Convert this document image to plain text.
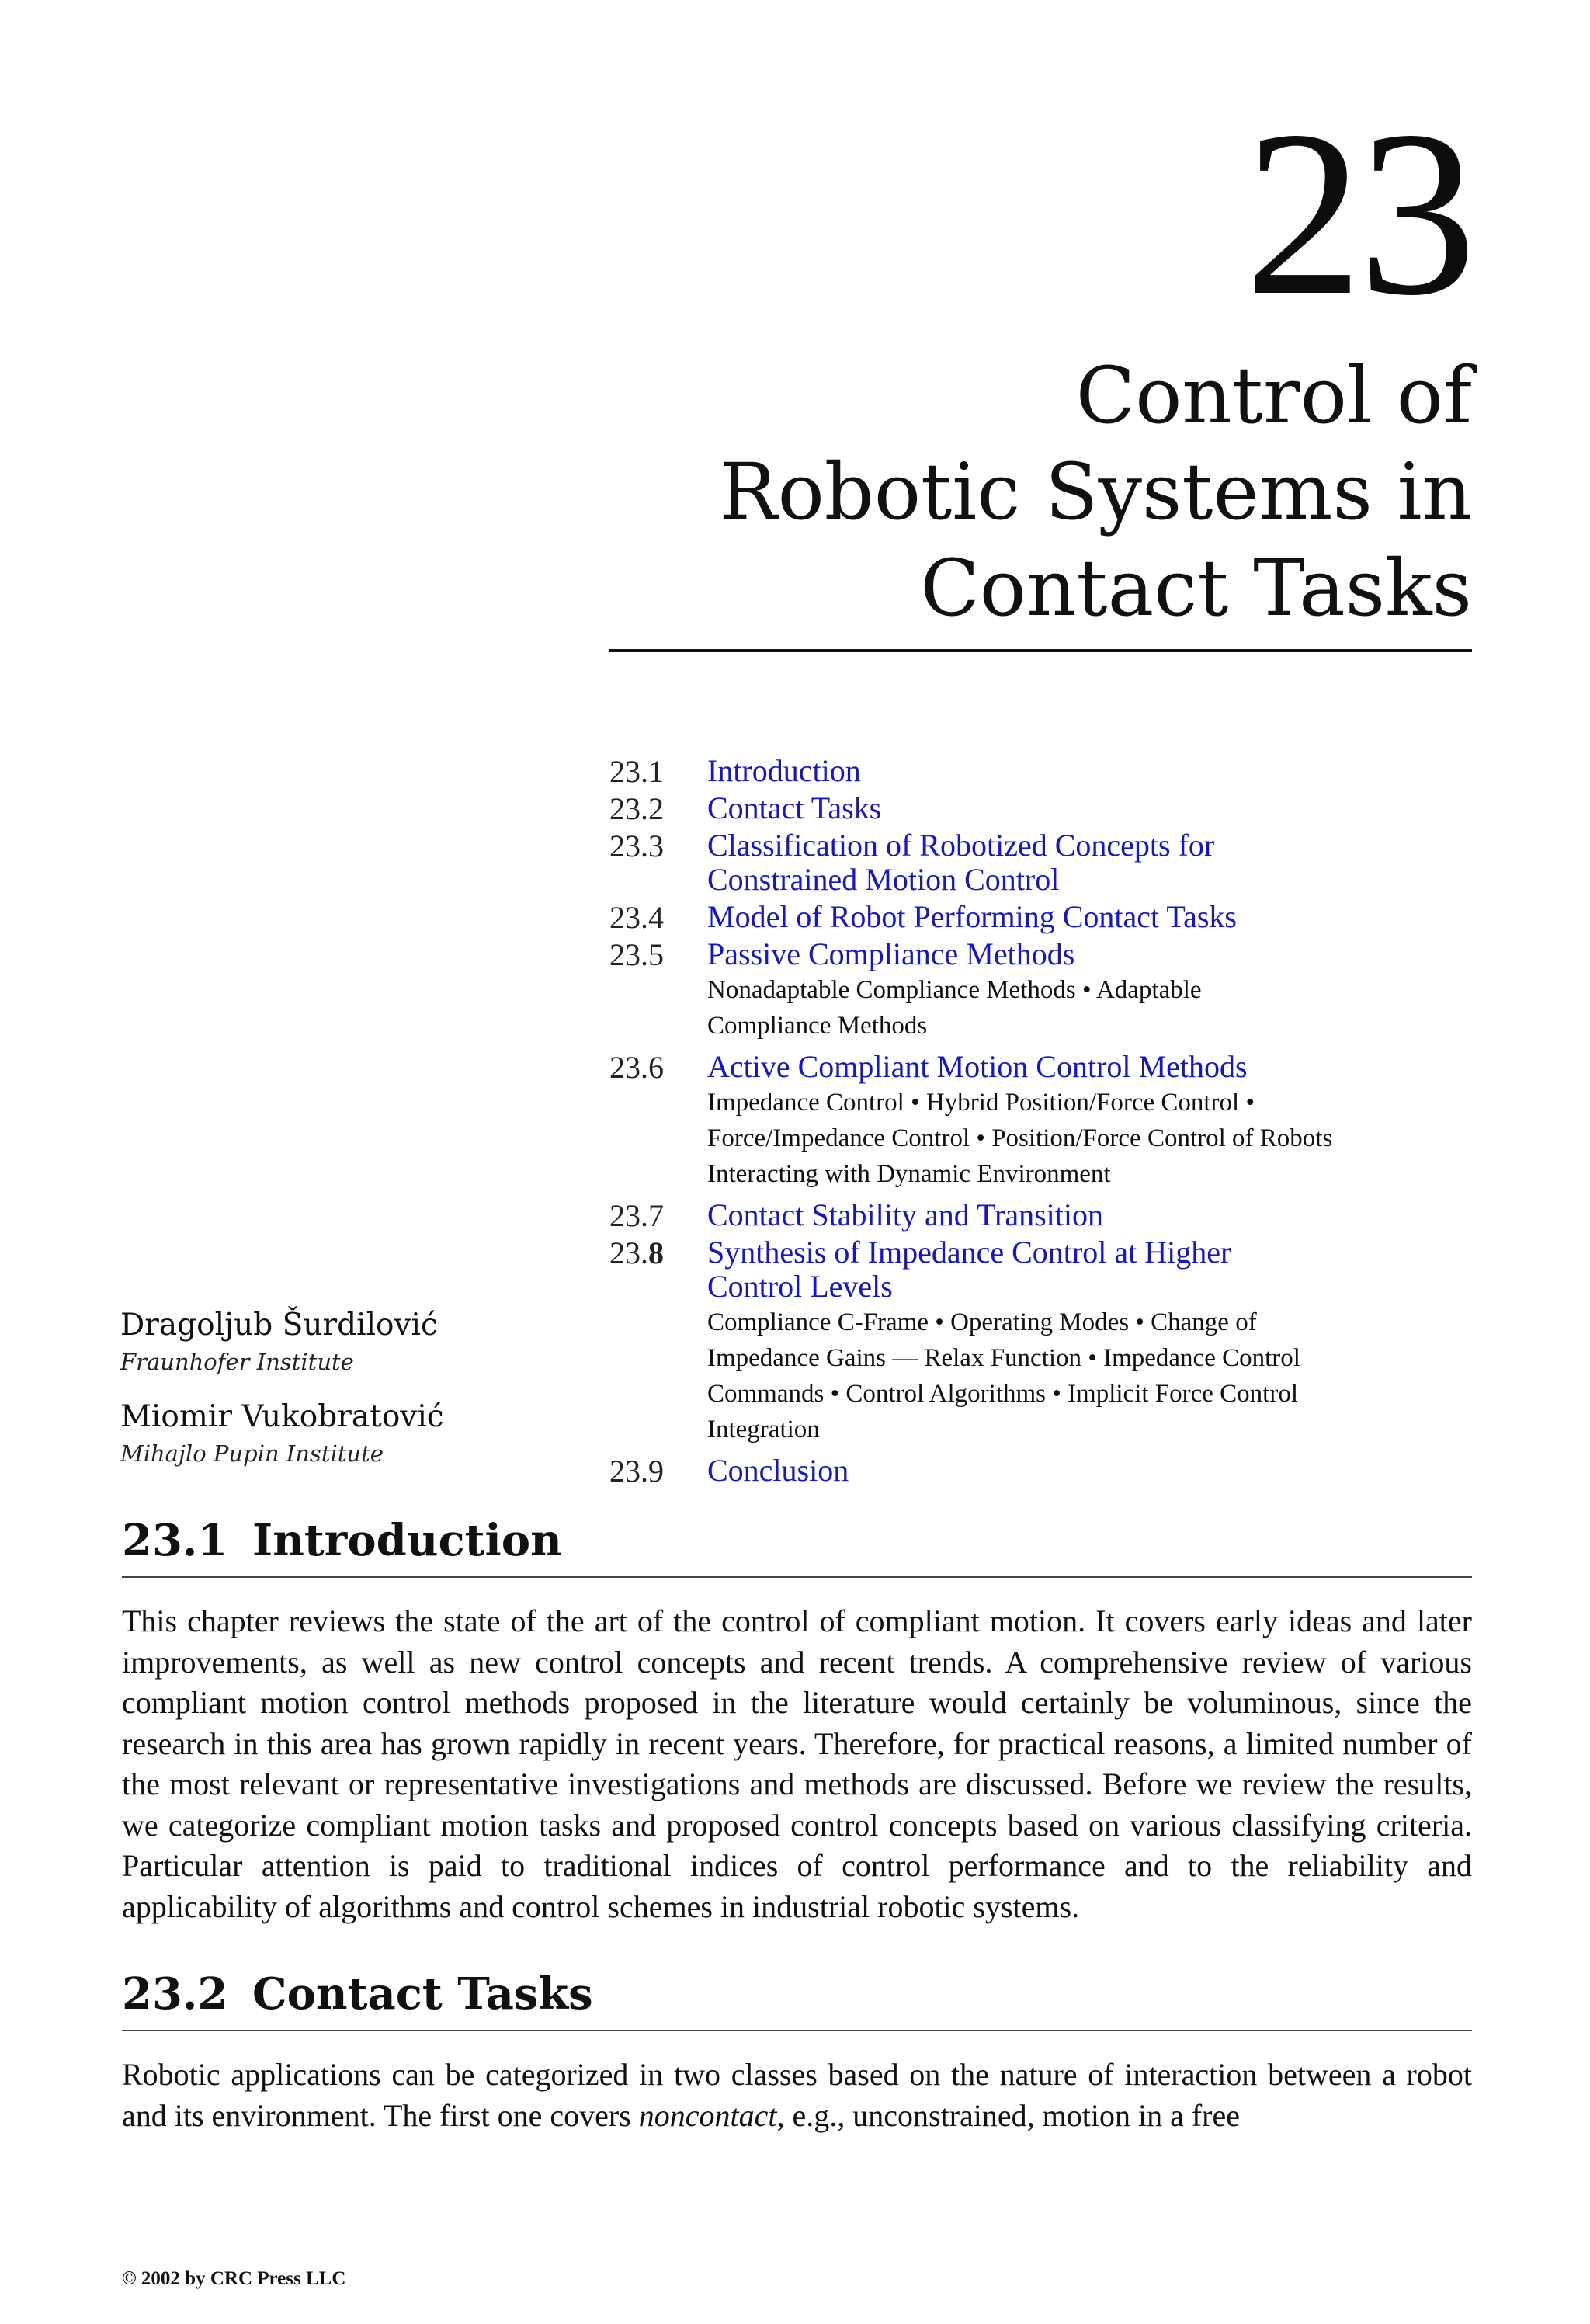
23
Control of
Robotic Systems in
Contact Tasks
23.1 Introduction
23.2 Contact Tasks
23.3 Classification of Robotized Concepts for Constrained Motion Control
23.4 Model of Robot Performing Contact Tasks
23.5 Passive Compliance Methods
Nonadaptable Compliance Methods • Adaptable Compliance Methods
23.6 Active Compliant Motion Control Methods
Impedance Control • Hybrid Position/Force Control • Force/Impedance Control • Position/Force Control of Robots Interacting with Dynamic Environment
23.7 Contact Stability and Transition
23.8 Synthesis of Impedance Control at Higher Control Levels
Compliance C-Frame • Operating Modes • Change of Impedance Gains — Relax Function • Impedance Control Commands • Control Algorithms • Implicit Force Control Integration
23.9 Conclusion
Dragoljub Šurdilović
Fraunhofer Institute
Miomir Vukobratović
Mihajlo Pupin Institute
23.1 Introduction
This chapter reviews the state of the art of the control of compliant motion. It covers early ideas and later improvements, as well as new control concepts and recent trends. A comprehensive review of various compliant motion control methods proposed in the literature would certainly be voluminous, since the research in this area has grown rapidly in recent years. Therefore, for practical reasons, a limited number of the most relevant or representative investigations and methods are discussed. Before we review the results, we categorize compliant motion tasks and proposed control concepts based on various classifying criteria. Particular attention is paid to traditional indices of control performance and to the reliability and applicability of algorithms and control schemes in industrial robotic systems.
23.2 Contact Tasks
Robotic applications can be categorized in two classes based on the nature of interaction between a robot and its environment. The first one covers noncontact, e.g., unconstrained, motion in a free
© 2002 by CRC Press LLC
